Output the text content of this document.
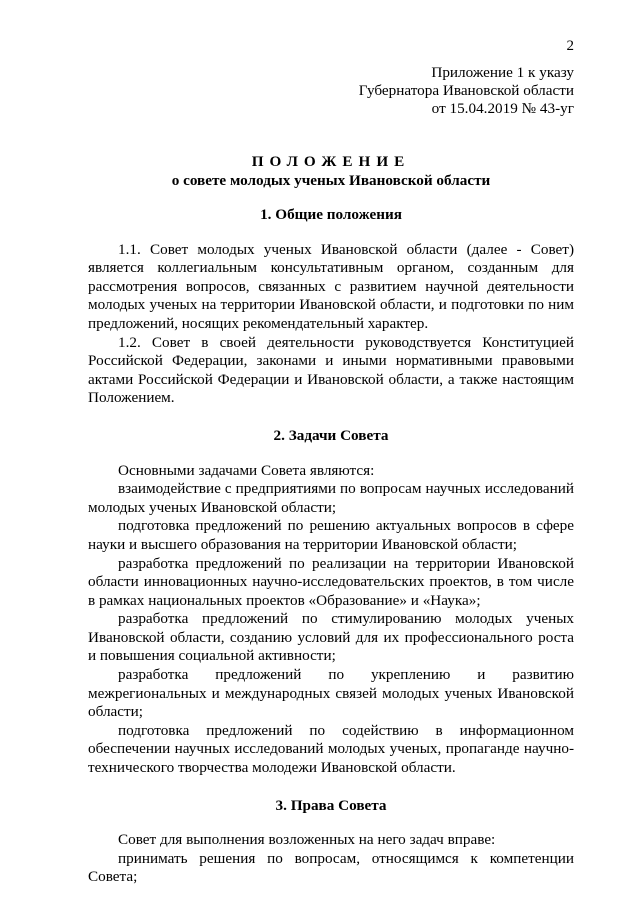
2
Приложение 1 к указу
Губернатора Ивановской области
от 15.04.2019 № 43-уг
ПОЛОЖЕНИЕ
о совете молодых ученых Ивановской области

1. Общие положения

1.1. Совет молодых ученых Ивановской области (далее - Совет) является коллегиальным консультативным органом, созданным для рассмотрения вопросов, связанных с развитием научной деятельности молодых ученых на территории Ивановской области, и подготовки по ним предложений, носящих рекомендательный характер.

1.2. Совет в своей деятельности руководствуется Конституцией Российской Федерации, законами и иными нормативными правовыми актами Российской Федерации и Ивановской области, а также настоящим Положением.

2. Задачи Совета

Основными задачами Совета являются:

взаимодействие с предприятиями по вопросам научных исследований молодых ученых Ивановской области;

подготовка предложений по решению актуальных вопросов в сфере науки и высшего образования на территории Ивановской области;

разработка предложений по реализации на территории Ивановской области инновационных научно-исследовательских проектов, в том числе в рамках национальных проектов «Образование» и «Наука»;

разработка предложений по стимулированию молодых ученых Ивановской области, созданию условий для их профессионального роста и повышения социальной активности;

разработка предложений по укреплению и развитию межрегиональных и международных связей молодых ученых Ивановской области;

подготовка предложений по содействию в информационном обеспечении научных исследований молодых ученых, пропаганде научно-технического творчества молодежи Ивановской области.

3. Права Совета

Совет для выполнения возложенных на него задач вправе:

принимать решения по вопросам, относящимся к компетенции Совета;
